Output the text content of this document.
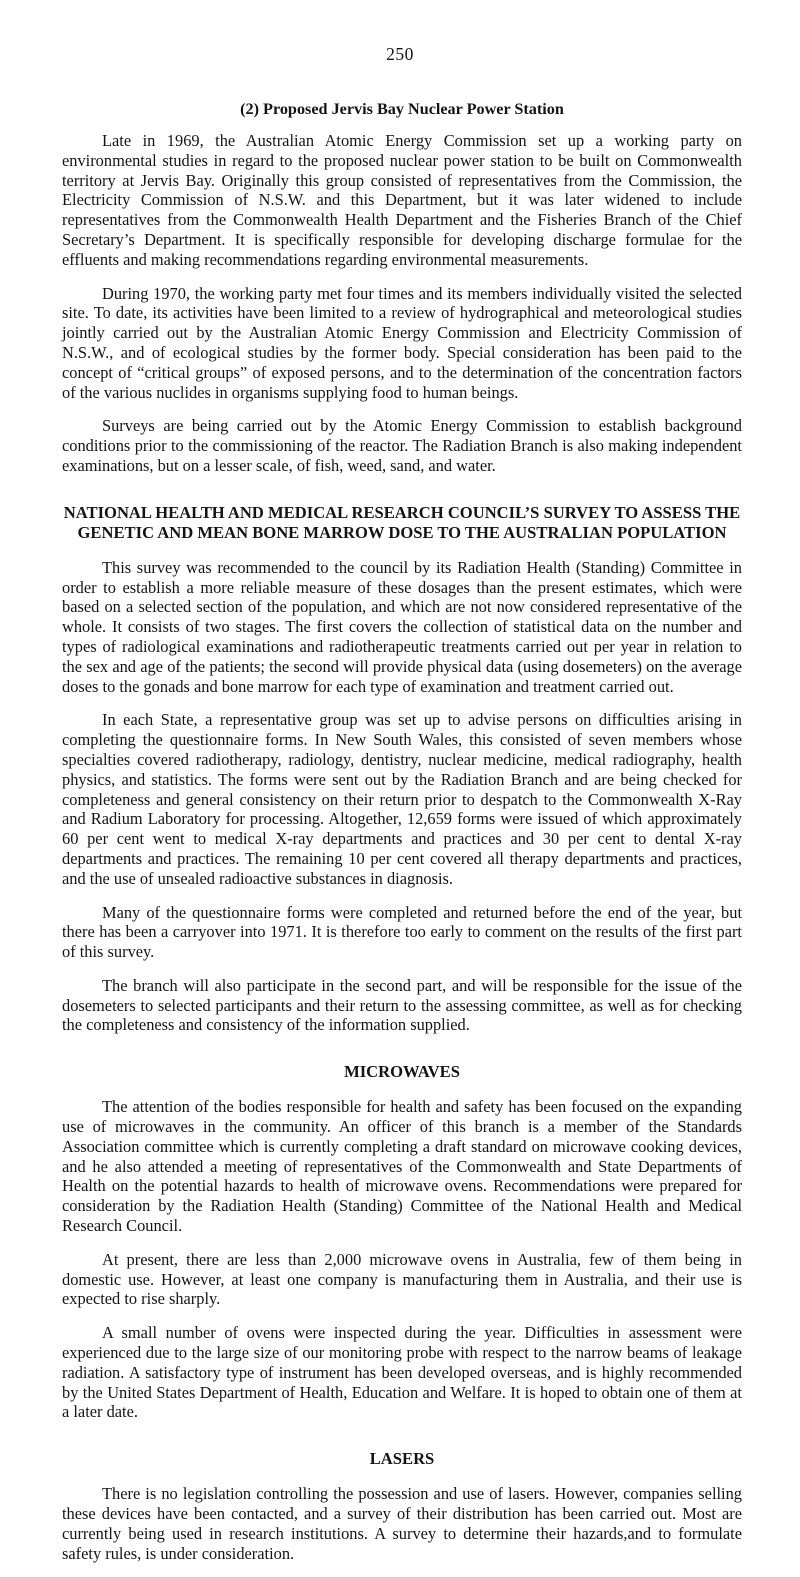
250
(2) Proposed Jervis Bay Nuclear Power Station

Late in 1969, the Australian Atomic Energy Commission set up a working party on environmental studies in regard to the proposed nuclear power station to be built on Commonwealth territory at Jervis Bay. Originally this group consisted of representatives from the Commission, the Electricity Commission of N.S.W. and this Department, but it was later widened to include representatives from the Commonwealth Health Department and the Fisheries Branch of the Chief Secretary’s Department. It is specifically responsible for developing discharge formulae for the effluents and making recommendations regarding environmental measurements.

During 1970, the working party met four times and its members individually visited the selected site. To date, its activities have been limited to a review of hydrographical and meteorological studies jointly carried out by the Australian Atomic Energy Commission and Electricity Commission of N.S.W., and of ecological studies by the former body. Special consideration has been paid to the concept of “critical groups” of exposed persons, and to the determination of the concentration factors of the various nuclides in organisms supplying food to human beings.

Surveys are being carried out by the Atomic Energy Commission to establish background conditions prior to the commissioning of the reactor. The Radiation Branch is also making independent examinations, but on a lesser scale, of fish, weed, sand, and water.

NATIONAL HEALTH AND MEDICAL RESEARCH COUNCIL’S SURVEY TO ASSESS THE GENETIC AND MEAN BONE MARROW DOSE TO THE AUSTRALIAN POPULATION

This survey was recommended to the council by its Radiation Health (Standing) Committee in order to establish a more reliable measure of these dosages than the present estimates, which were based on a selected section of the population, and which are not now considered representative of the whole. It consists of two stages. The first covers the collection of statistical data on the number and types of radiological examinations and radiotherapeutic treatments carried out per year in relation to the sex and age of the patients; the second will provide physical data (using dosemeters) on the average doses to the gonads and bone marrow for each type of examination and treatment carried out.

In each State, a representative group was set up to advise persons on difficulties arising in completing the questionnaire forms. In New South Wales, this consisted of seven members whose specialties covered radiotherapy, radiology, dentistry, nuclear medicine, medical radiography, health physics, and statistics. The forms were sent out by the Radiation Branch and are being checked for completeness and general consistency on their return prior to despatch to the Commonwealth X-Ray and Radium Laboratory for processing. Altogether, 12,659 forms were issued of which approximately 60 per cent went to medical X-ray departments and practices and 30 per cent to dental X-ray departments and practices. The remaining 10 per cent covered all therapy departments and practices, and the use of unsealed radioactive substances in diagnosis.

Many of the questionnaire forms were completed and returned before the end of the year, but there has been a carryover into 1971. It is therefore too early to comment on the results of the first part of this survey.

The branch will also participate in the second part, and will be responsible for the issue of the dosemeters to selected participants and their return to the assessing committee, as well as for checking the completeness and consistency of the information supplied.

MICROWAVES

The attention of the bodies responsible for health and safety has been focused on the expanding use of microwaves in the community. An officer of this branch is a member of the Standards Association committee which is currently completing a draft standard on microwave cooking devices, and he also attended a meeting of representatives of the Commonwealth and State Departments of Health on the potential hazards to health of microwave ovens. Recommendations were prepared for consideration by the Radiation Health (Standing) Committee of the National Health and Medical Research Council.

At present, there are less than 2,000 microwave ovens in Australia, few of them being in domestic use. However, at least one company is manufacturing them in Australia, and their use is expected to rise sharply.

A small number of ovens were inspected during the year. Difficulties in assessment were experienced due to the large size of our monitoring probe with respect to the narrow beams of leakage radiation. A satisfactory type of instrument has been developed overseas, and is highly recommended by the United States Department of Health, Education and Welfare. It is hoped to obtain one of them at a later date.

LASERS

There is no legislation controlling the possession and use of lasers. However, companies selling these devices have been contacted, and a survey of their distribution has been carried out. Most are currently being used in research institutions. A survey to determine their hazards,and to formulate safety rules, is under consideration.
